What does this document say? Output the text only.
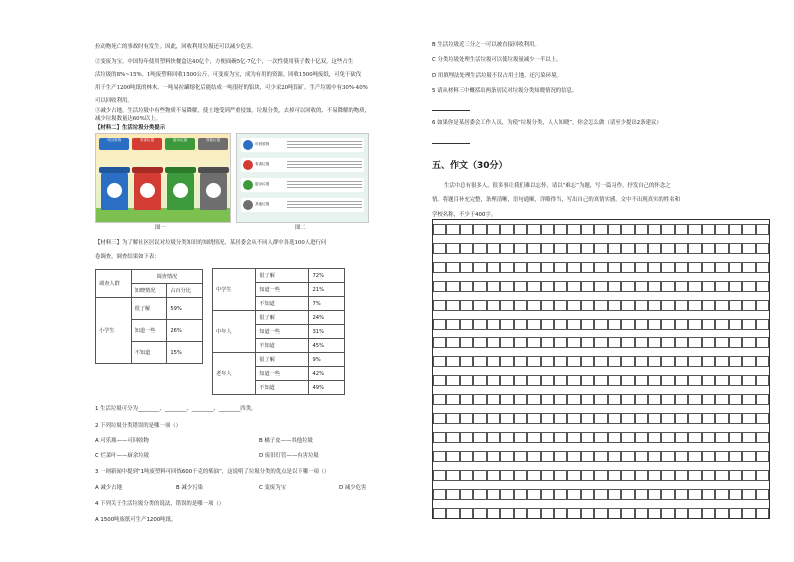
拉动物死亡的事故时有发生。因此，回收利用垃圾还可以减少危害。
②变废为宝。中国每年使用塑料快餐盒达40亿个，方便面碗5亿-7亿个，一次性使用筷子数十亿双，这些占生
活垃圾的8%~15%。1吨废塑料回收1500公斤，可变废为宝，成为有用的资源。回收1500吨废纸，可免于砍伐
用于生产1200吨纸的林木。一吨易拉罐熔化后能结成一吨很好的铝块，可少采20吨铝矿。生产垃圾中有30%-40%
可以回收利用。
③减少占地。生活垃圾中有些物质不易降解，使土地受到严重侵蚀。垃圾分类，去掉可以回收的、不易降解的物质，
减少垃圾数量达60%以上。
【材料二】生活垃圾分类提示
可回收物	有害垃圾	厨余垃圾	其他垃圾
图一
可回收物
有害垃圾
厨余垃圾
其他垃圾
图二
【材料三】为了解社区居民对垃圾分类知识的知晓情况，某居委会从不同人群中各选100人进行问
卷调查，调查结果如下表：
调查人群	调查情况	
	知晓情况	占百分比
小学生	很了解	59%
	知道一些	26%
	不知道	15%
中学生	很了解	72%
	知道一些	21%
	不知道	7%
中年人	很了解	24%
	知道一些	31%
	不知道	45%
老年人	很了解	9%
	知道一些	42%
	不知道	49%
1 生活垃圾可分为________、________、________、________四类。
2 下列垃圾分类错误的是哪一项（）
A 可乐瓶——可回收物	B 橘子皮——其他垃圾
C 烂菜叶——厨余垃圾	D 废旧灯管——有害垃圾
3 一则新闻中提到“1吨废塑料可回炼600千克的柴油”，这说明了垃圾分类的优点是以下哪一项（）
A 减少占地	B 减少污染	C 变废为宝	D 减少危害
4 下列关于生活垃圾分类的说法，错误的是哪一项（）
A 1500吨废纸可生产1200吨纸。
B 生活垃圾近三分之一可以被直接回收利用。
C 分类垃圾处理生活垃圾可以使垃圾量减少一半以上。
D 用填埋法处理生活垃圾不仅占用土地，还污染环境。
5 请从材料三中概括出两条居民对垃圾分类知晓情况的信息。
6 如果你是某居委会工作人员，为使“垃圾分类，人人知晓”，你会怎么做（请至少提出2条建议）
五、作文（30分）
生活中总有很多人、很多事让我们难以忘怀，请以“难忘”为题，写一篇习作，抒发自己的怀念之
情。将题目补充完整，条理清晰，语句通顺，详略得当，写出自己的真情实感。文中不出现真实的姓名和
学校名称，不少于400字。
